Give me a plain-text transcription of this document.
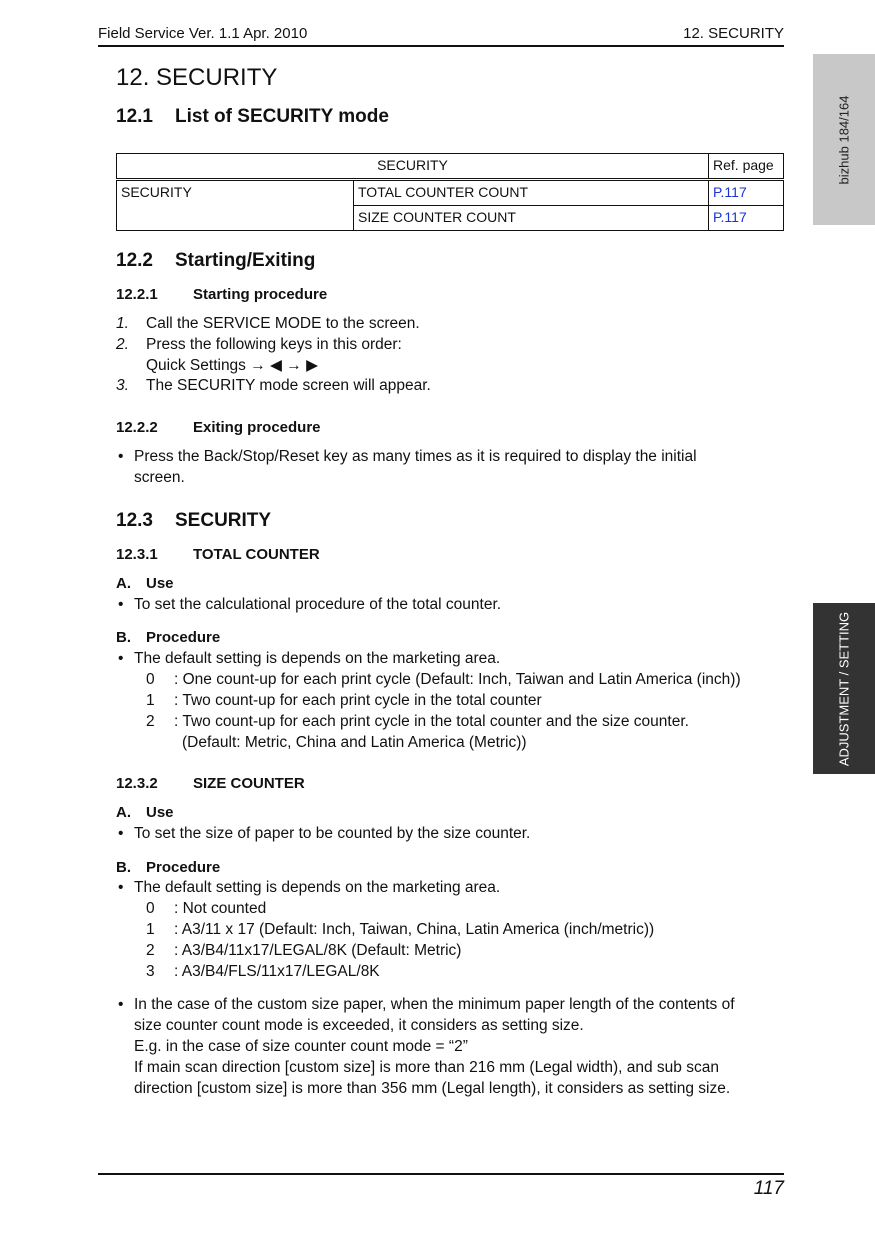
Field Service Ver. 1.1 Apr. 2010	12. SECURITY
bizhub 184/164
ADJUSTMENT / SETTING
12. SECURITY
12.1 List of SECURITY mode
SECURITY		Ref. page
SECURITY	TOTAL COUNTER COUNT	P.117
	SIZE COUNTER COUNT	P.117
12.2 Starting/Exiting
12.2.1 Starting procedure
1. Call the SERVICE MODE to the screen.
2. Press the following keys in this order:
Quick Settings → ◀ → ▶
3. The SECURITY mode screen will appear.
12.2.2 Exiting procedure
• Press the Back/Stop/Reset key as many times as it is required to display the initial
screen.
12.3 SECURITY
12.3.1 TOTAL COUNTER
A. Use
• To set the calculational procedure of the total counter.
B. Procedure
• The default setting is depends on the marketing area.
0 : One count-up for each print cycle (Default: Inch, Taiwan and Latin America (inch))
1 : Two count-up for each print cycle in the total counter
2 : Two count-up for each print cycle in the total counter and the size counter.
(Default: Metric, China and Latin America (Metric))
12.3.2 SIZE COUNTER
A. Use
• To set the size of paper to be counted by the size counter.
B. Procedure
• The default setting is depends on the marketing area.
0 : Not counted
1 : A3/11 x 17 (Default: Inch, Taiwan, China, Latin America (inch/metric))
2 : A3/B4/11x17/LEGAL/8K (Default: Metric)
3 : A3/B4/FLS/11x17/LEGAL/8K
• In the case of the custom size paper, when the minimum paper length of the contents of
size counter count mode is exceeded, it considers as setting size.
E.g. in the case of size counter count mode = “2”
If main scan direction [custom size] is more than 216 mm (Legal width), and sub scan
direction [custom size] is more than 356 mm (Legal length), it considers as setting size.
117
